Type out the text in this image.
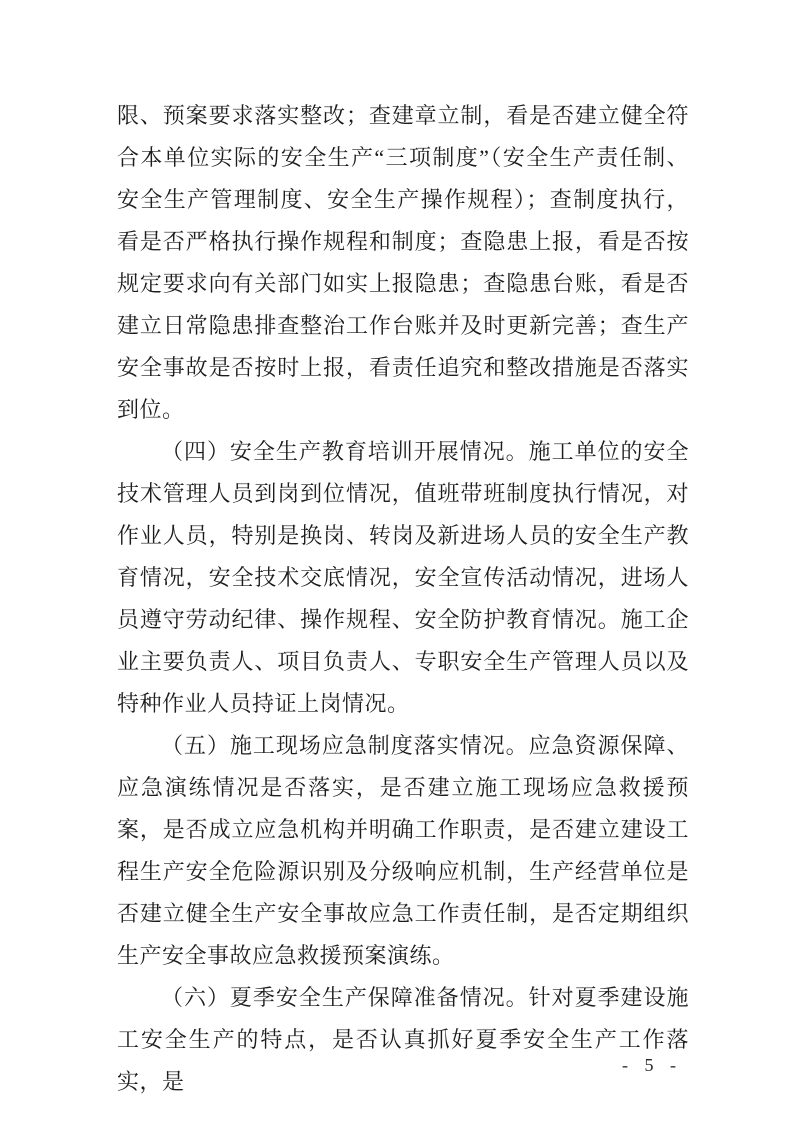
限、预案要求落实整改；查建章立制，看是否建立健全符合本单位实际的安全生产“三项制度”（安全生产责任制、安全生产管理制度、安全生产操作规程）；查制度执行，看是否严格执行操作规程和制度；查隐患上报，看是否按规定要求向有关部门如实上报隐患；查隐患台账，看是否建立日常隐患排查整治工作台账并及时更新完善；查生产安全事故是否按时上报，看责任追究和整改措施是否落实到位。

（四）安全生产教育培训开展情况。施工单位的安全技术管理人员到岗到位情况，值班带班制度执行情况，对作业人员，特别是换岗、转岗及新进场人员的安全生产教育情况，安全技术交底情况，安全宣传活动情况，进场人员遵守劳动纪律、操作规程、安全防护教育情况。施工企业主要负责人、项目负责人、专职安全生产管理人员以及特种作业人员持证上岗情况。

（五）施工现场应急制度落实情况。应急资源保障、应急演练情况是否落实，是否建立施工现场应急救援预案，是否成立应急机构并明确工作职责，是否建立建设工程生产安全危险源识别及分级响应机制，生产经营单位是否建立健全生产安全事故应急工作责任制，是否定期组织生产安全事故应急救援预案演练。

（六）夏季安全生产保障准备情况。针对夏季建设施工安全生产的特点，是否认真抓好夏季安全生产工作落实，是

- 5 -
